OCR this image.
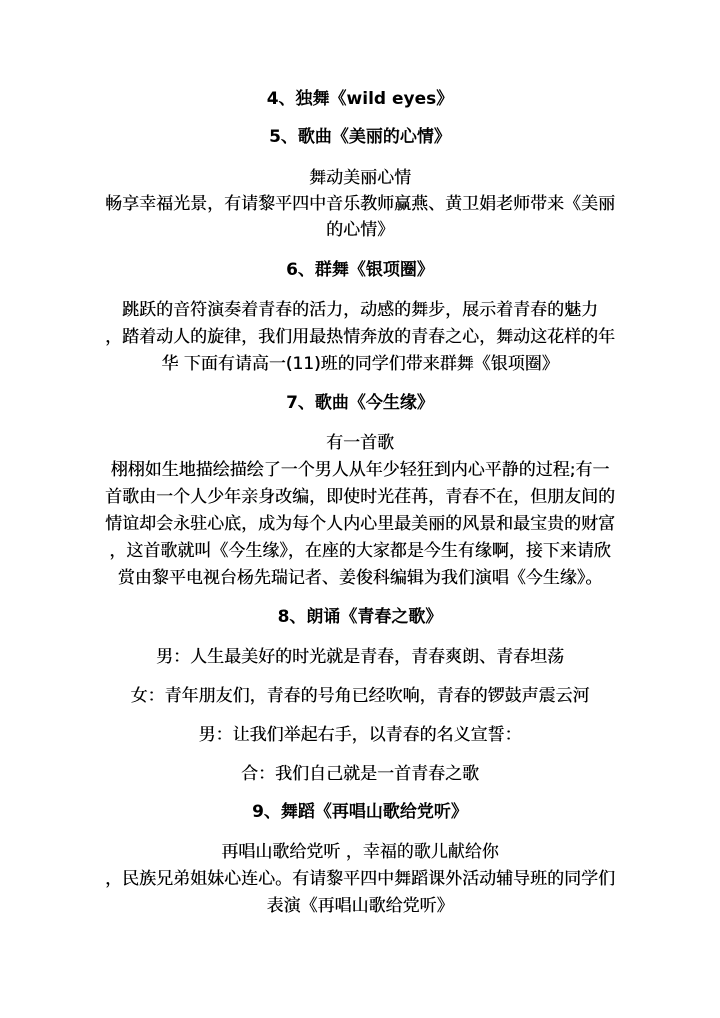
4、独舞《wild eyes》
5、歌曲《美丽的心情》
舞动美丽心情
畅享幸福光景，有请黎平四中音乐教师赢燕、黄卫娟老师带来《美丽
的心情》
6、群舞《银项圈》
跳跃的音符演奏着青春的活力，动感的舞步，展示着青春的魅力
，踏着动人的旋律，我们用最热情奔放的青春之心，舞动这花样的年
华 下面有请高一(11)班的同学们带来群舞《银项圈》
7、歌曲《今生缘》
有一首歌
栩栩如生地描绘描绘了一个男人从年少轻狂到内心平静的过程;有一
首歌由一个人少年亲身改编，即使时光荏苒，青春不在，但朋友间的
情谊却会永驻心底，成为每个人内心里最美丽的风景和最宝贵的财富
，这首歌就叫《今生缘》，在座的大家都是今生有缘啊，接下来请欣
赏由黎平电视台杨先瑞记者、姜俊科编辑为我们演唱《今生缘》。
8、朗诵《青春之歌》
男：人生最美好的时光就是青春，青春爽朗、青春坦荡
女：青年朋友们，青春的号角已经吹响，青春的锣鼓声震云河
男：让我们举起右手，以青春的名义宣誓：
合：我们自己就是一首青春之歌
9、舞蹈《再唱山歌给党听》
再唱山歌给党听 ，幸福的歌儿献给你
，民族兄弟姐妹心连心。有请黎平四中舞蹈课外活动辅导班的同学们
表演《再唱山歌给党听》
